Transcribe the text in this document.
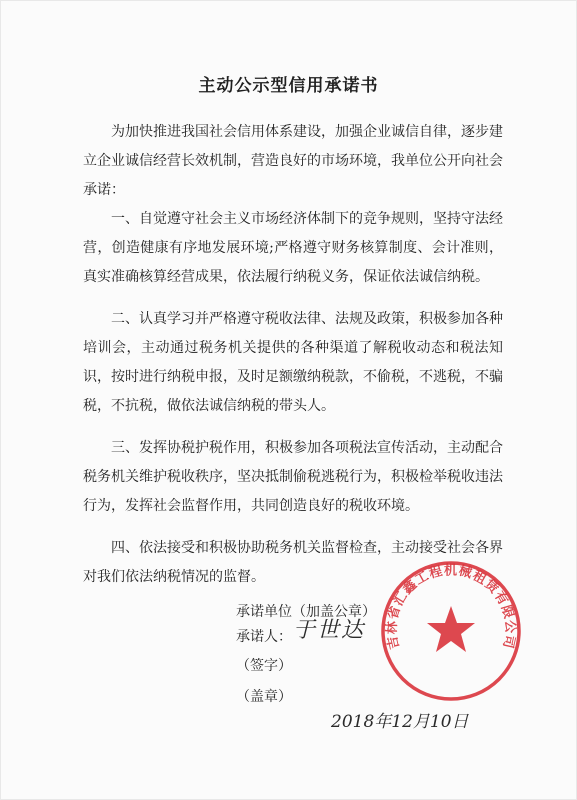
主动公示型信用承诺书

为加快推进我国社会信用体系建设，加强企业诚信自律，逐步建立企业诚信经营长效机制，营造良好的市场环境，我单位公开向社会承诺：

一、自觉遵守社会主义市场经济体制下的竞争规则，坚持守法经营，创造健康有序地发展环境;严格遵守财务核算制度、会计准则，真实准确核算经营成果，依法履行纳税义务，保证依法诚信纳税。

二、认真学习并严格遵守税收法律、法规及政策，积极参加各种培训会，主动通过税务机关提供的各种渠道了解税收动态和税法知识，按时进行纳税申报，及时足额缴纳税款，不偷税，不逃税，不骗税，不抗税，做依法诚信纳税的带头人。

三、发挥协税护税作用，积极参加各项税法宣传活动，主动配合税务机关维护税收秩序，坚决抵制偷税逃税行为，积极检举税收违法行为，发挥社会监督作用，共同创造良好的税收环境。

四、依法接受和积极协助税务机关监督检查，主动接受社会各界对我们依法纳税情况的监督。

承诺单位（加盖公章）
承诺人： 于世达
（签字）
（盖章）
2018年12月10日
吉林省汇鑫工程机械租赁有限公司
